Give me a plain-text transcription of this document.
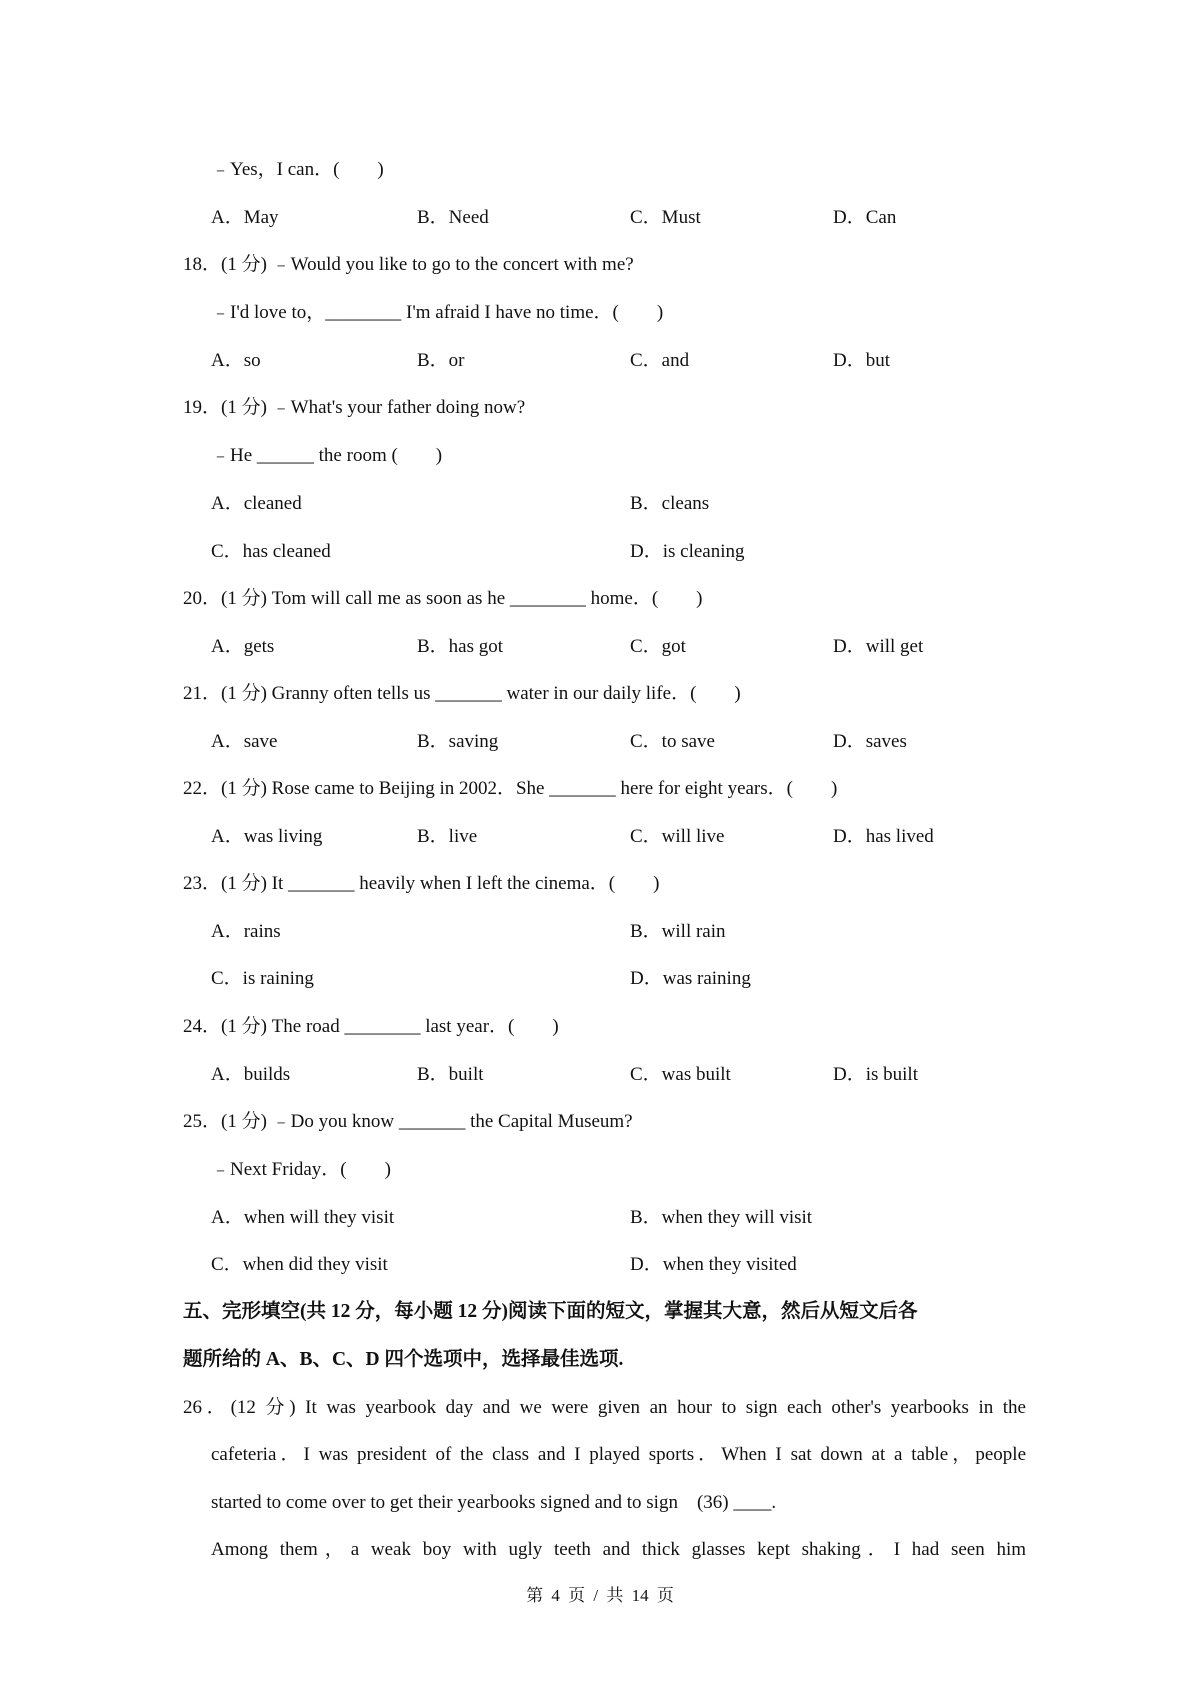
﹣Yes，I can．(　　)
A．May	B．Need	C．Must	D．Can
18．(1 分) ﹣Would you like to go to the concert with me?
﹣I'd love to，________ I'm afraid I have no time．(　　)
A．so	B．or	C．and	D．but
19．(1 分) ﹣What's your father doing now?
﹣He ______ the room (　　)
A．cleaned	B．cleans
C．has cleaned	D．is cleaning
20．(1 分) Tom will call me as soon as he ________ home．(　　)
A．gets	B．has got	C．got	D．will get
21．(1 分) Granny often tells us _______ water in our daily life．(　　)
A．save	B．saving	C．to save	D．saves
22．(1 分) Rose came to Beijing in 2002．She _______ here for eight years．(　　)
A．was living	B．live	C．will live	D．has lived
23．(1 分) It _______ heavily when I left the cinema．(　　)
A．rains	B．will rain
C．is raining	D．was raining
24．(1 分) The road ________ last year．(　　)
A．builds	B．built	C．was built	D．is built
25．(1 分) ﹣Do you know _______ the Capital Museum?
﹣Next Friday．(　　)
A．when will they visit	B．when they will visit
C．when did they visit	D．when they visited
五、完形填空(共 12 分，每小题 12 分)阅读下面的短文，掌握其大意，然后从短文后各
题所给的 A、B、C、D 四个选项中，选择最佳选项.
26．(12 分) It was yearbook day and we were given an hour to sign each other's yearbooks in the
cafeteria．I was president of the class and I played sports．When I sat down at a table，people
started to come over to get their yearbooks signed and to sign　(36) ____.
Among them，a weak boy with ugly teeth and thick glasses kept shaking．I had seen him
第 4 页 / 共 14 页
